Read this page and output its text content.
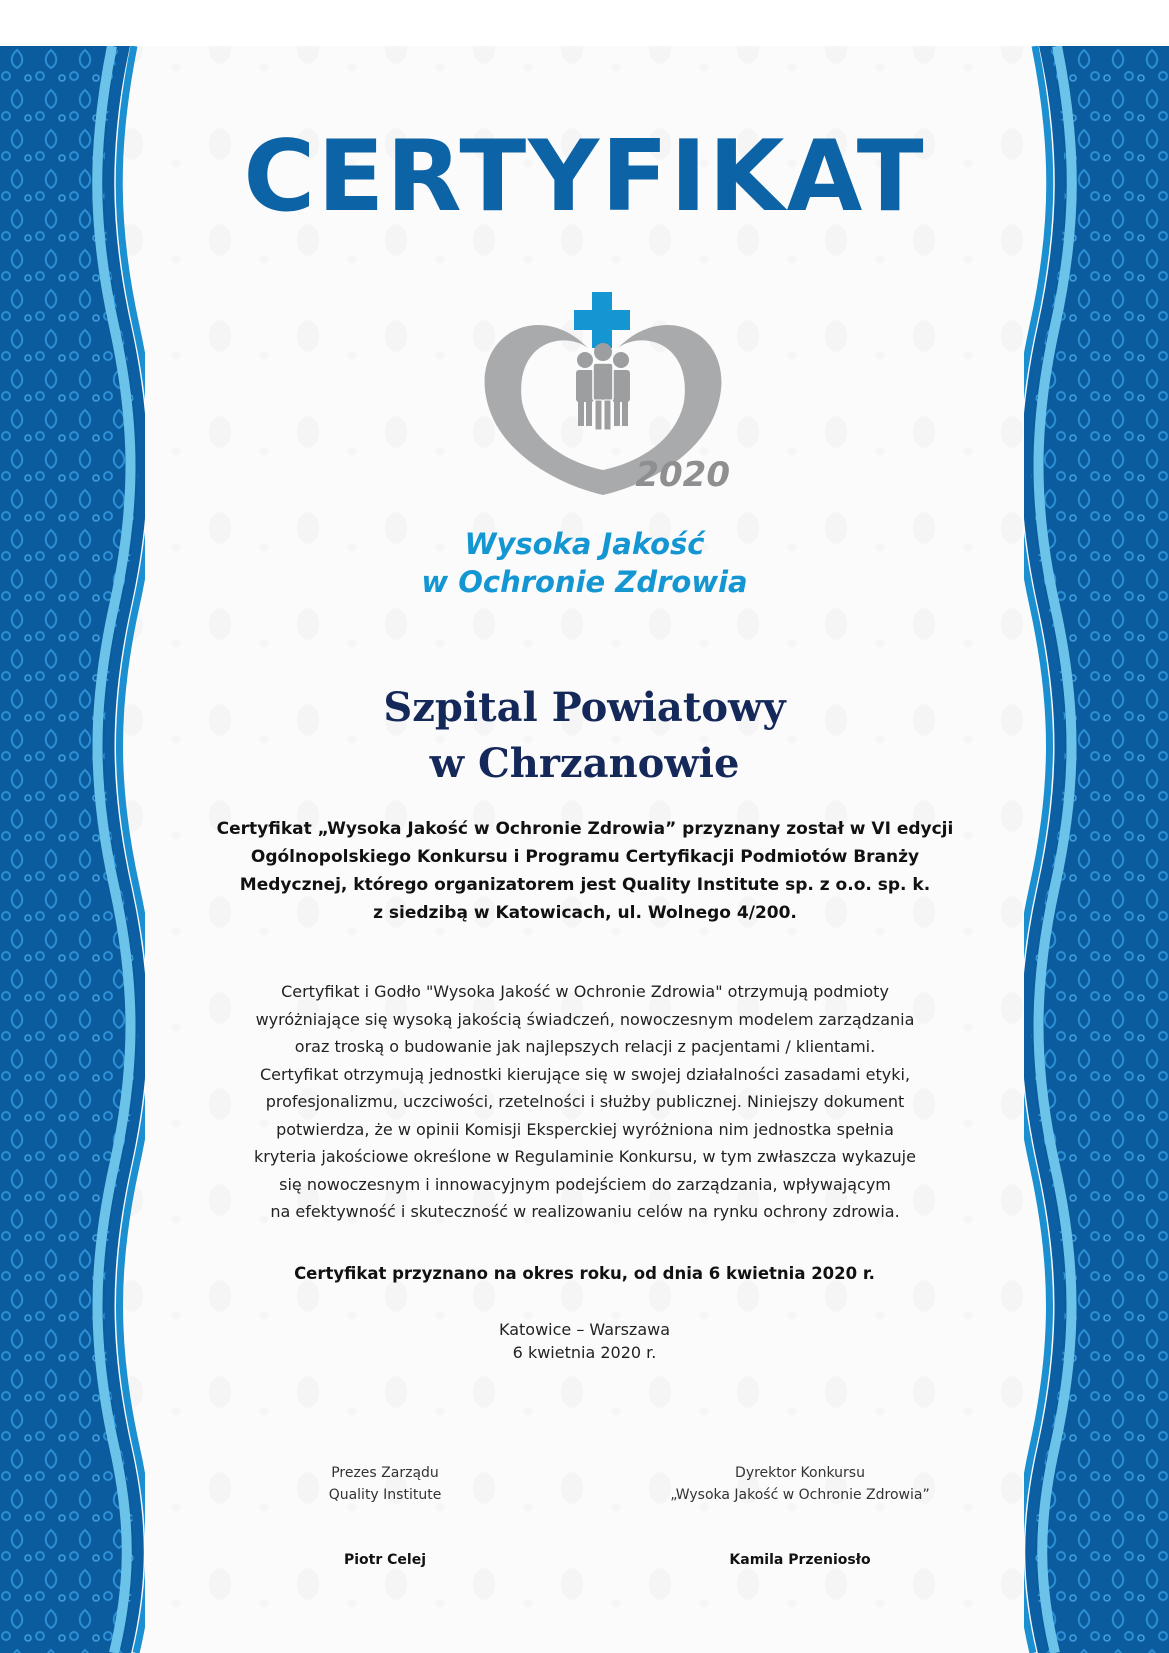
CERTYFIKAT
2020
Wysoka Jakość
w Ochronie Zdrowia
Szpital Powiatowy
w Chrzanowie
Certyfikat „Wysoka Jakość w Ochronie Zdrowia” przyznany został w VI edycji
Ogólnopolskiego Konkursu i Programu Certyfikacji Podmiotów Branży
Medycznej, którego organizatorem jest Quality Institute sp. z o.o. sp. k.
z siedzibą w Katowicach, ul. Wolnego 4/200.
Certyfikat i Godło "Wysoka Jakość w Ochronie Zdrowia" otrzymują podmioty
wyróżniające się wysoką jakością świadczeń, nowoczesnym modelem zarządzania
oraz troską o budowanie jak najlepszych relacji z pacjentami / klientami.
Certyfikat otrzymują jednostki kierujące się w swojej działalności zasadami etyki,
profesjonalizmu, uczciwości, rzetelności i służby publicznej. Niniejszy dokument
potwierdza, że w opinii Komisji Eksperckiej wyróżniona nim jednostka spełnia
kryteria jakościowe określone w Regulaminie Konkursu, w tym zwłaszcza wykazuje
się nowoczesnym i innowacyjnym podejściem do zarządzania, wpływającym
na efektywność i skuteczność w realizowaniu celów na rynku ochrony zdrowia.
Certyfikat przyznano na okres roku, od dnia 6 kwietnia 2020 r.
Katowice – Warszawa
6 kwietnia 2020 r.
Prezes Zarządu
Quality Institute
Piotr Celej
Dyrektor Konkursu
„Wysoka Jakość w Ochronie Zdrowia”
Kamila Przeniosło
